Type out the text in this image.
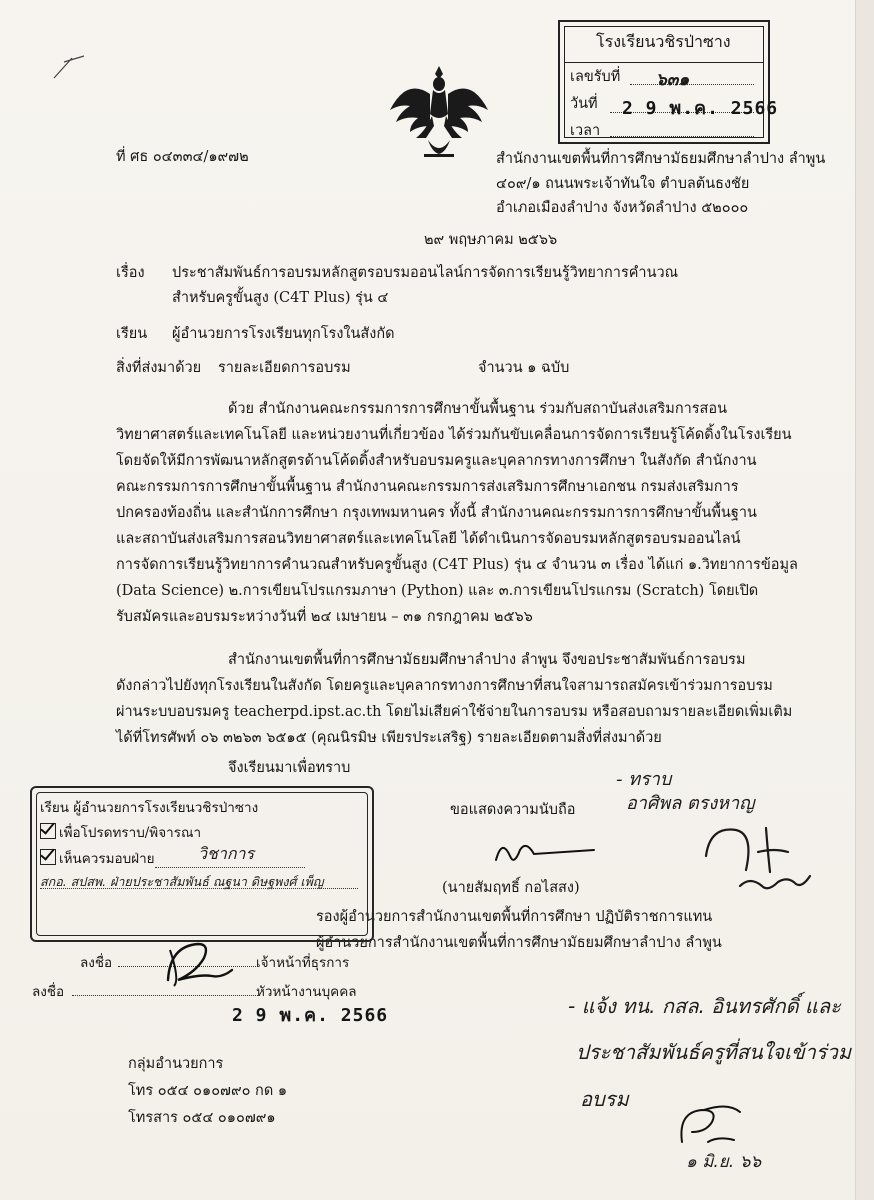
โรงเรียนวชิรป่าซาง
เลขรับที่ ๖๓๑
วันที่ 2 9 พ.ค. 2566
เวลา
ที่ ศธ ๐๔๓๓๔/๑๙๗๒	สำนักงานเขตพื้นที่การศึกษามัธยมศึกษาลำปาง ลำพูน
๔๐๙/๑ ถนนพระเจ้าทันใจ ตำบลต้นธงชัย
อำเภอเมืองลำปาง จังหวัดลำปาง ๕๒๐๐๐
๒๙ พฤษภาคม ๒๕๖๖
เรื่อง ประชาสัมพันธ์การอบรมหลักสูตรอบรมออนไลน์การจัดการเรียนรู้วิทยาการคำนวณ
สำหรับครูขั้นสูง (C4T Plus) รุ่น ๔
เรียน ผู้อำนวยการโรงเรียนทุกโรงในสังกัด
สิ่งที่ส่งมาด้วย รายละเอียดการอบรม	จำนวน ๑ ฉบับ
ด้วย สำนักงานคณะกรรมการการศึกษาขั้นพื้นฐาน ร่วมกับสถาบันส่งเสริมการสอน
วิทยาศาสตร์และเทคโนโลยี และหน่วยงานที่เกี่ยวข้อง ได้ร่วมกันขับเคลื่อนการจัดการเรียนรู้โค้ดดิ้งในโรงเรียน
โดยจัดให้มีการพัฒนาหลักสูตรด้านโค้ดดิ้งสำหรับอบรมครูและบุคลากรทางการศึกษา ในสังกัด สำนักงาน
คณะกรรมการการศึกษาขั้นพื้นฐาน สำนักงานคณะกรรมการส่งเสริมการศึกษาเอกชน กรมส่งเสริมการ
ปกครองท้องถิ่น และสำนักการศึกษา กรุงเทพมหานคร ทั้งนี้ สำนักงานคณะกรรมการการศึกษาขั้นพื้นฐาน
และสถาบันส่งเสริมการสอนวิทยาศาสตร์และเทคโนโลยี ได้ดำเนินการจัดอบรมหลักสูตรอบรมออนไลน์
การจัดการเรียนรู้วิทยาการคำนวณสำหรับครูขั้นสูง (C4T Plus) รุ่น ๔ จำนวน ๓ เรื่อง ได้แก่ ๑.วิทยาการข้อมูล
(Data Science) ๒.การเขียนโปรแกรมภาษา (Python) และ ๓.การเขียนโปรแกรม (Scratch) โดยเปิด
รับสมัครและอบรมระหว่างวันที่ ๒๔ เมษายน – ๓๑ กรกฎาคม ๒๕๖๖
สำนักงานเขตพื้นที่การศึกษามัธยมศึกษาลำปาง ลำพูน จึงขอประชาสัมพันธ์การอบรม
ดังกล่าวไปยังทุกโรงเรียนในสังกัด โดยครูและบุคลากรทางการศึกษาที่สนใจสามารถสมัครเข้าร่วมการอบรม
ผ่านระบบอบรมครู teacherpd.ipst.ac.th โดยไม่เสียค่าใช้จ่ายในการอบรม หรือสอบถามรายละเอียดเพิ่มเติม
ได้ที่โทรศัพท์ ๐๖ ๓๒๖๓ ๖๕๑๕ (คุณนิรมิษ เพียรประเสริฐ) รายละเอียดตามสิ่งที่ส่งมาด้วย
จึงเรียนมาเพื่อทราบ
- ทราบ
อาศิพล ตรงหาญ
ขอแสดงความนับถือ
(นายสัมฤทธิ์ กอไสสง)
รองผู้อำนวยการสำนักงานเขตพื้นที่การศึกษา ปฏิบัติราชการแทน
ผู้อำนวยการสำนักงานเขตพื้นที่การศึกษามัธยมศึกษาลำปาง ลำพูน
เรียน ผู้อำนวยการโรงเรียนวชิรป่าซาง
เพื่อโปรดทราบ/พิจารณา
เห็นควรมอบฝ่าย	วิชาการ
สกอ. สปสพ. ฝ่ายประชาสัมพันธ์ ณฐนา ดิษฐพงศ์ เพ็ญ
ลงชื่อ	เจ้าหน้าที่ธุรการ
ลงชื่อ	หัวหน้างานบุคคล
2 9 พ.ค. 2566
กลุ่มอำนวยการ
โทร ๐๕๔ ๐๑๐๗๙๐ กด ๑
โทรสาร ๐๕๔ ๐๑๐๗๙๑
- แจ้ง ทน. กสล. อินทรศักดิ์ และ
ประชาสัมพันธ์ครูที่สนใจเข้าร่วม
อบรม
๑ มิ.ย. ๖๖
